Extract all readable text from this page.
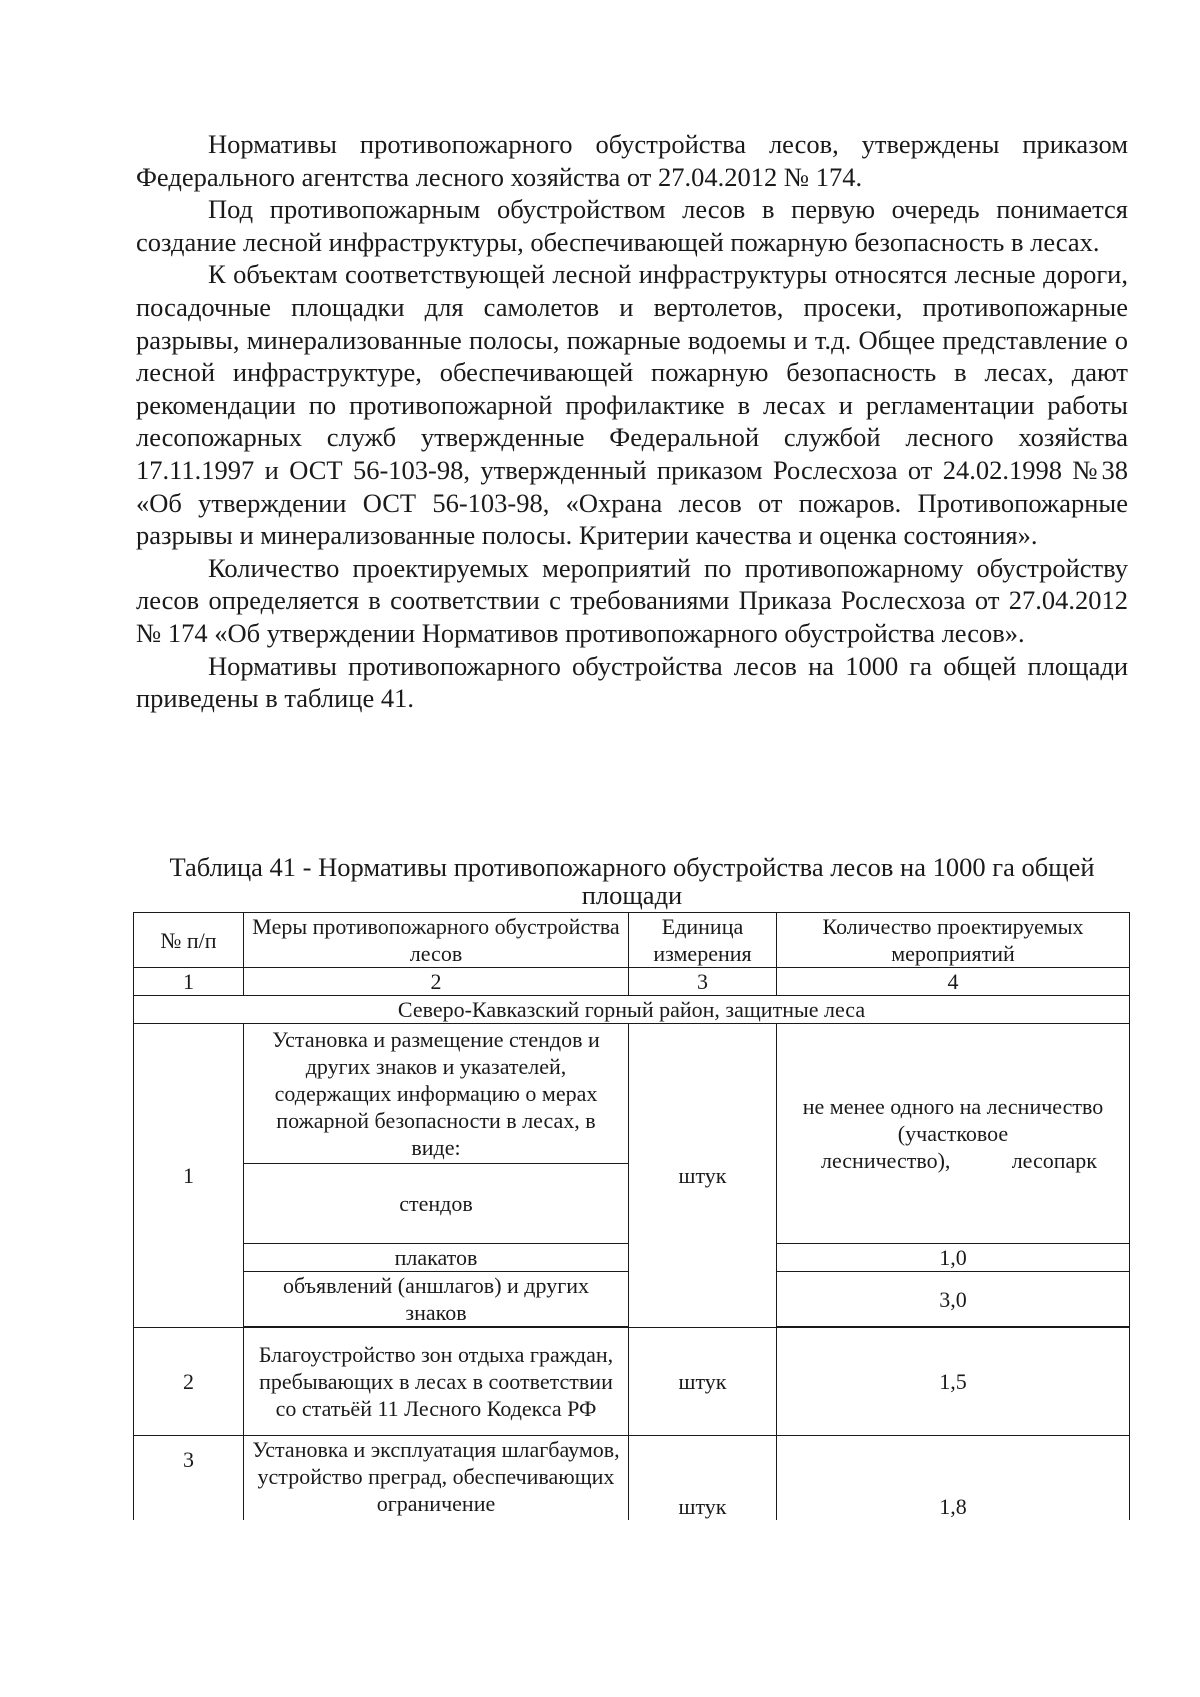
Нормативы противопожарного обустройства лесов, утверждены приказом Федерального агентства лесного хозяйства от 27.04.2012 № 174.

Под противопожарным обустройством лесов в первую очередь понимается создание лесной инфраструктуры, обеспечивающей пожарную безопасность в лесах.

К объектам соответствующей лесной инфраструктуры относятся лесные дороги, посадочные площадки для самолетов и вертолетов, просеки, противопожарные разрывы, минерализованные полосы, пожарные водоемы и т.д. Общее представление о лесной инфраструктуре, обеспечивающей пожарную безопасность в лесах, дают рекомендации по противопожарной профилактике в лесах и регламентации работы лесопожарных служб утвержденные Федеральной службой лесного хозяйства 17.11.1997 и ОСТ 56-103-98, утвержденный приказом Рослесхоза от 24.02.1998 №38 «Об утверждении ОСТ 56-103-98, «Охрана лесов от пожаров. Противопожарные разрывы и минерализованные полосы. Критерии качества и оценка состояния».

Количество проектируемых мероприятий по противопожарному обустройству лесов определяется в соответствии с требованиями Приказа Рослесхоза от 27.04.2012 № 174 «Об утверждении Нормативов противопожарного обустройства лесов».

Нормативы противопожарного обустройства лесов на 1000 га общей площади приведены в таблице 41.

Таблица 41 - Нормативы противопожарного обустройства лесов на 1000 га общей площади
№ п/п	Меры противопожарного обустройства лесов	Единица измерения	Количество проектируемых мероприятий
1	2	3	4
Северо-Кавказский горный район, защитные леса			
1	Установка и размещение стендов и других знаков и указателей, содержащих информацию о мерах пожарной безопасности в лесах, в виде:	штук	не менее одного на лесничество (участковое
лесничество), лесопарк

	стендов		
	плакатов		1,0
	объявлений (аншлагов) и других знаков		3,0

2	Благоустройство зон отдыха граждан, пребывающих в лесах в соответствии со статьёй 11 Лесного Кодекса РФ	штук	1,5
3	Установка и эксплуатация шлагбаумов, устройство преград, обеспечивающих ограничение	штук	1,8
